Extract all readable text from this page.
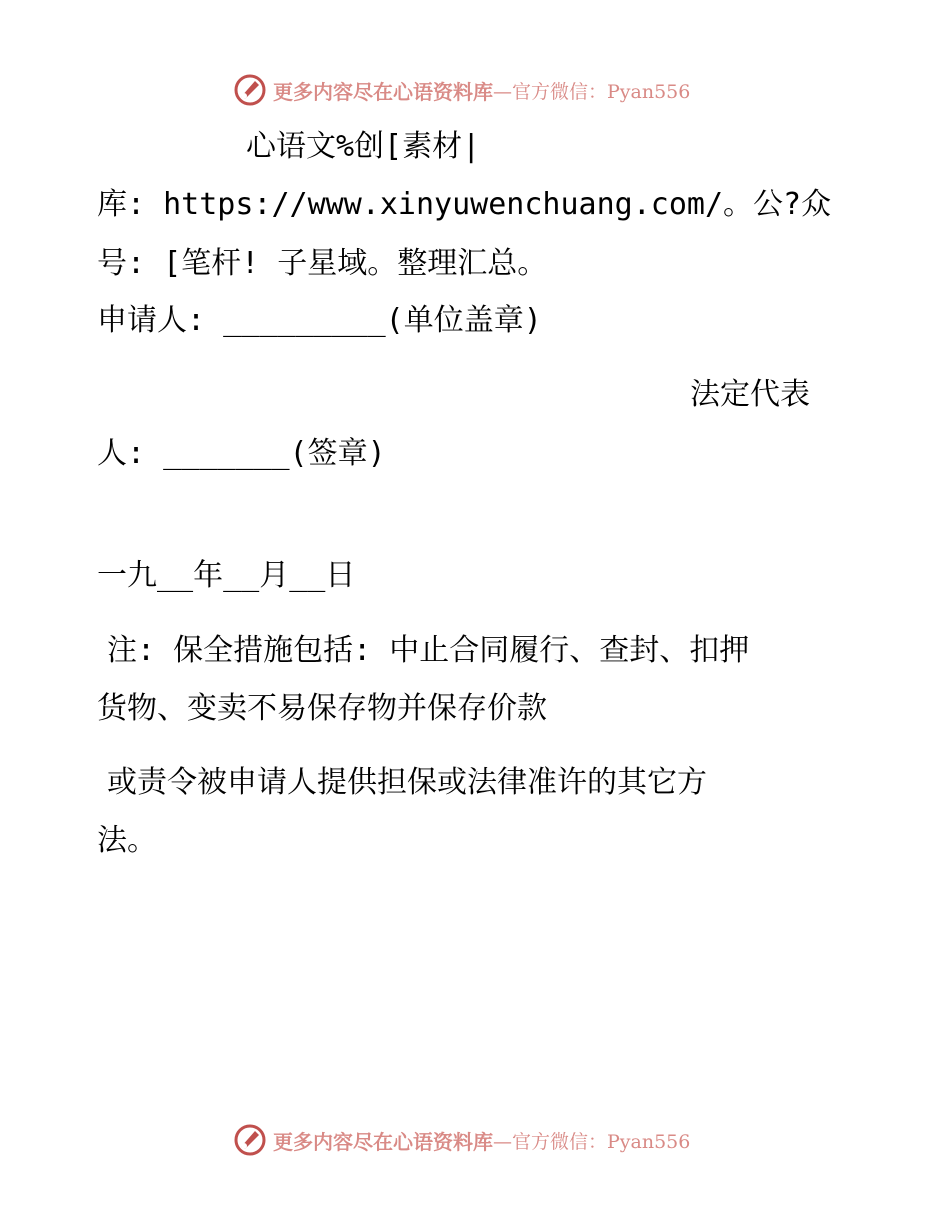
更多内容尽在心语资料库 —官方微信：Pyan556
心语文%创[素材|
库: https://www.xinyuwenchuang.com/。公?众
号: [笔杆! 子星域。整理汇总。
申请人: _________(单位盖章)
法定代表
人: _______(签章)
一九__年__月__日
注: 保全措施包括: 中止合同履行、查封、扣押
货物、变卖不易保存物并保存价款
或责令被申请人提供担保或法律准许的其它方
法。
更多内容尽在心语资料库 —官方微信：Pyan556
